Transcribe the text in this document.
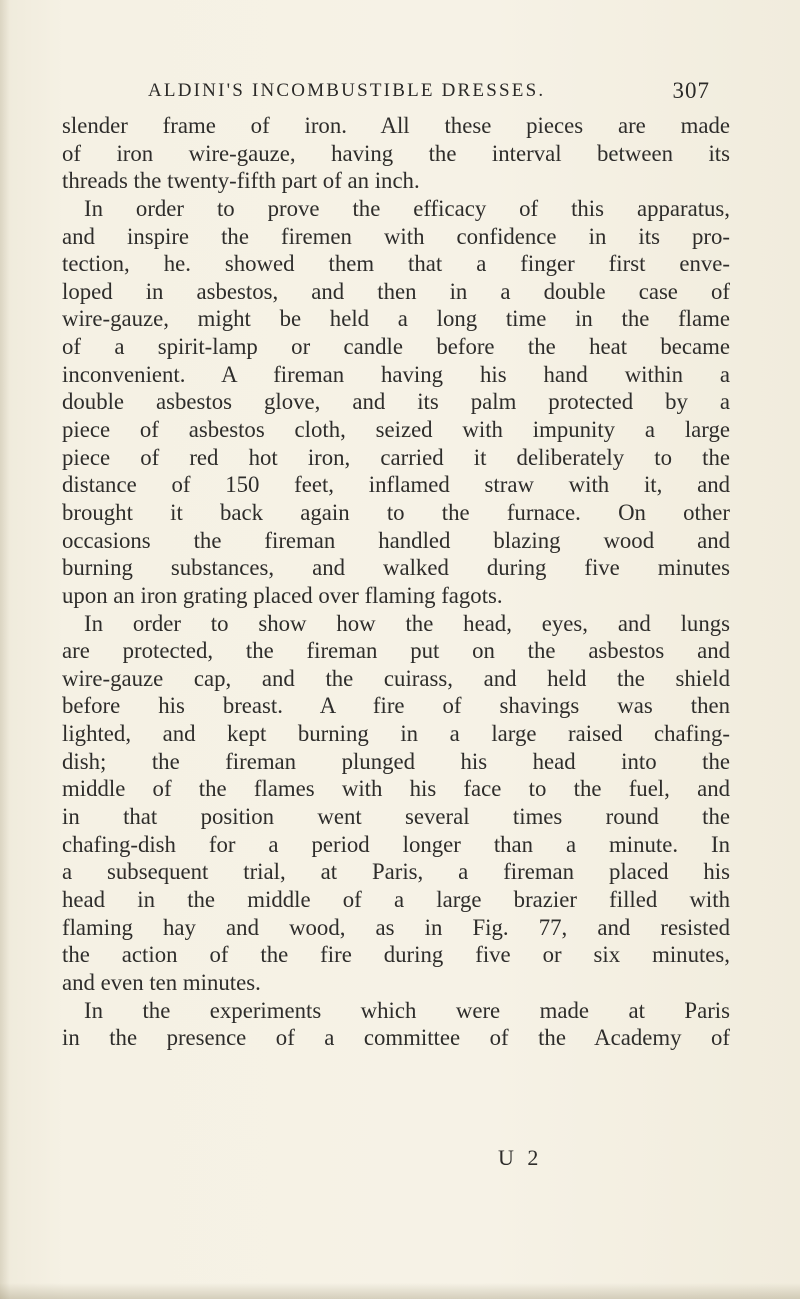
ALDINI'S INCOMBUSTIBLE DRESSES.	307
slender frame of iron. All these pieces are made
of iron wire-gauze, having the interval between its
threads the twenty-fifth part of an inch.
In order to prove the efficacy of this apparatus,
and inspire the firemen with confidence in its pro-
tection, he. showed them that a finger first enve-
loped in asbestos, and then in a double case of
wire-gauze, might be held a long time in the flame
of a spirit-lamp or candle before the heat became
inconvenient. A fireman having his hand within a
double asbestos glove, and its palm protected by a
piece of asbestos cloth, seized with impunity a large
piece of red hot iron, carried it deliberately to the
distance of 150 feet, inflamed straw with it, and
brought it back again to the furnace. On other
occasions the fireman handled blazing wood and
burning substances, and walked during five minutes
upon an iron grating placed over flaming fagots.
In order to show how the head, eyes, and lungs
are protected, the fireman put on the asbestos and
wire-gauze cap, and the cuirass, and held the shield
before his breast. A fire of shavings was then
lighted, and kept burning in a large raised chafing-
dish; the fireman plunged his head into the
middle of the flames with his face to the fuel, and
in that position went several times round the
chafing-dish for a period longer than a minute. In
a subsequent trial, at Paris, a fireman placed his
head in the middle of a large brazier filled with
flaming hay and wood, as in Fig. 77, and resisted
the action of the fire during five or six minutes,
and even ten minutes.
In the experiments which were made at Paris
in the presence of a committee of the Academy of
U 2
